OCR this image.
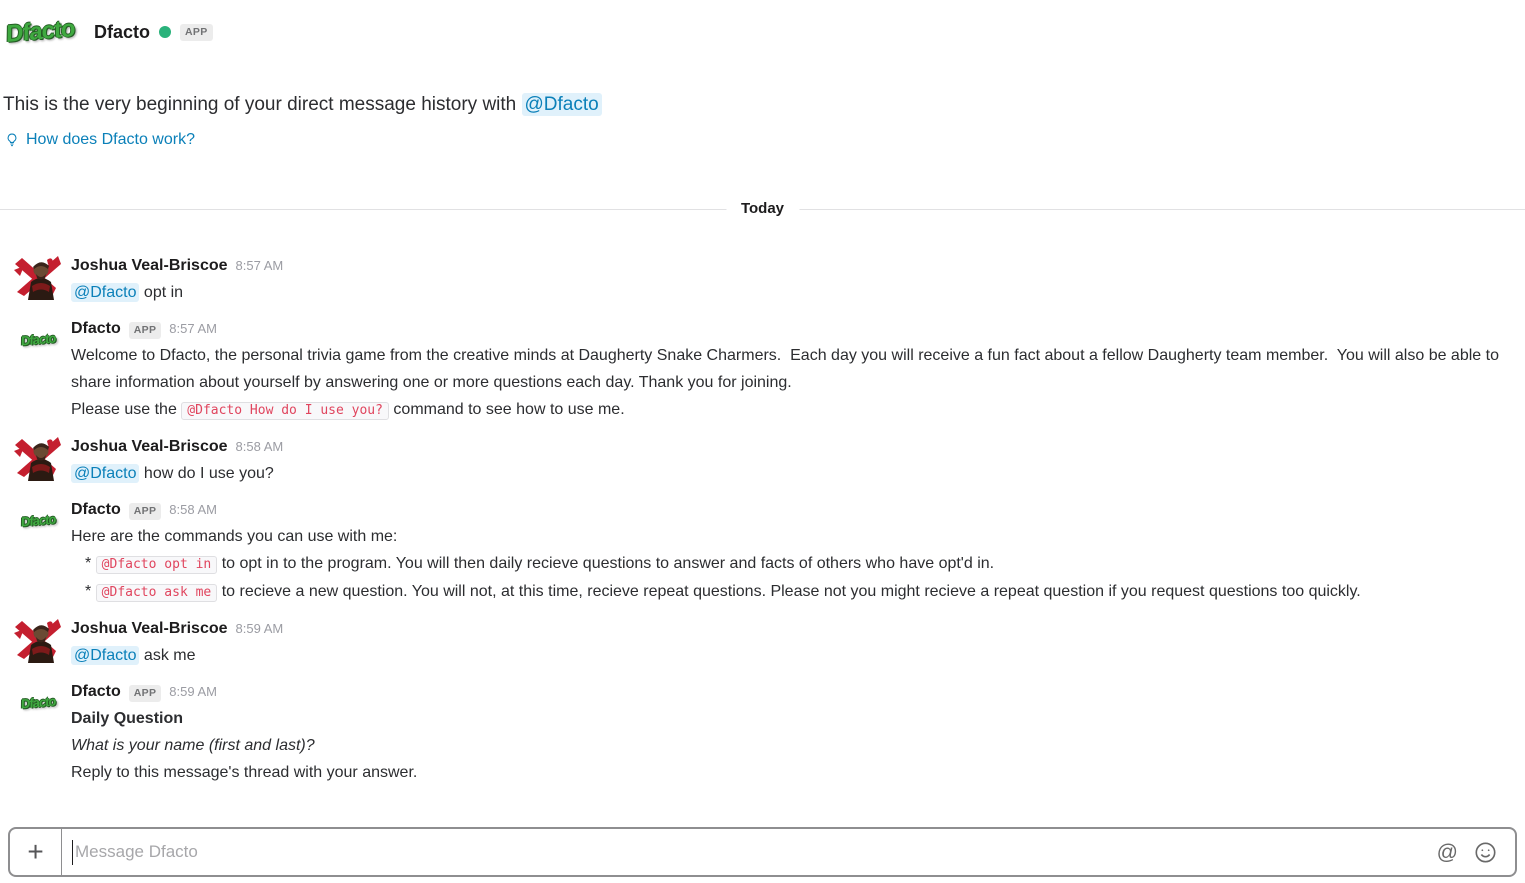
Dfacto Dfacto	APP
This is the very beginning of your direct message history with @Dfacto
How does Dfacto work?
Today
Joshua Veal-Briscoe 8:57 AM
@Dfacto opt in
Dfacto
Dfacto	APP	8:57 AM
Welcome to Dfacto, the personal trivia game from the creative minds at Daugherty Snake Charmers.  Each day you will receive a fun fact about a fellow Daugherty team member.  You will also be able to share information about yourself by answering one or more questions each day. Thank you for joining.
Please use the @Dfacto How do I use you? command to see how to use me.
Joshua Veal-Briscoe 8:58 AM
@Dfacto how do I use you?
Dfacto
Dfacto	APP	8:58 AM
Here are the commands you can use with me:
* @Dfacto opt in to opt in to the program. You will then daily recieve questions to answer and facts of others who have opt'd in.
* @Dfacto ask me to recieve a new question. You will not, at this time, recieve repeat questions. Please not you might recieve a repeat question if you request questions too quickly.
Joshua Veal-Briscoe 8:59 AM
@Dfacto ask me
Dfacto
Dfacto	APP	8:59 AM
Daily Question
What is your name (first and last)?
Reply to this message's thread with your answer.
+	Message Dfacto	@
